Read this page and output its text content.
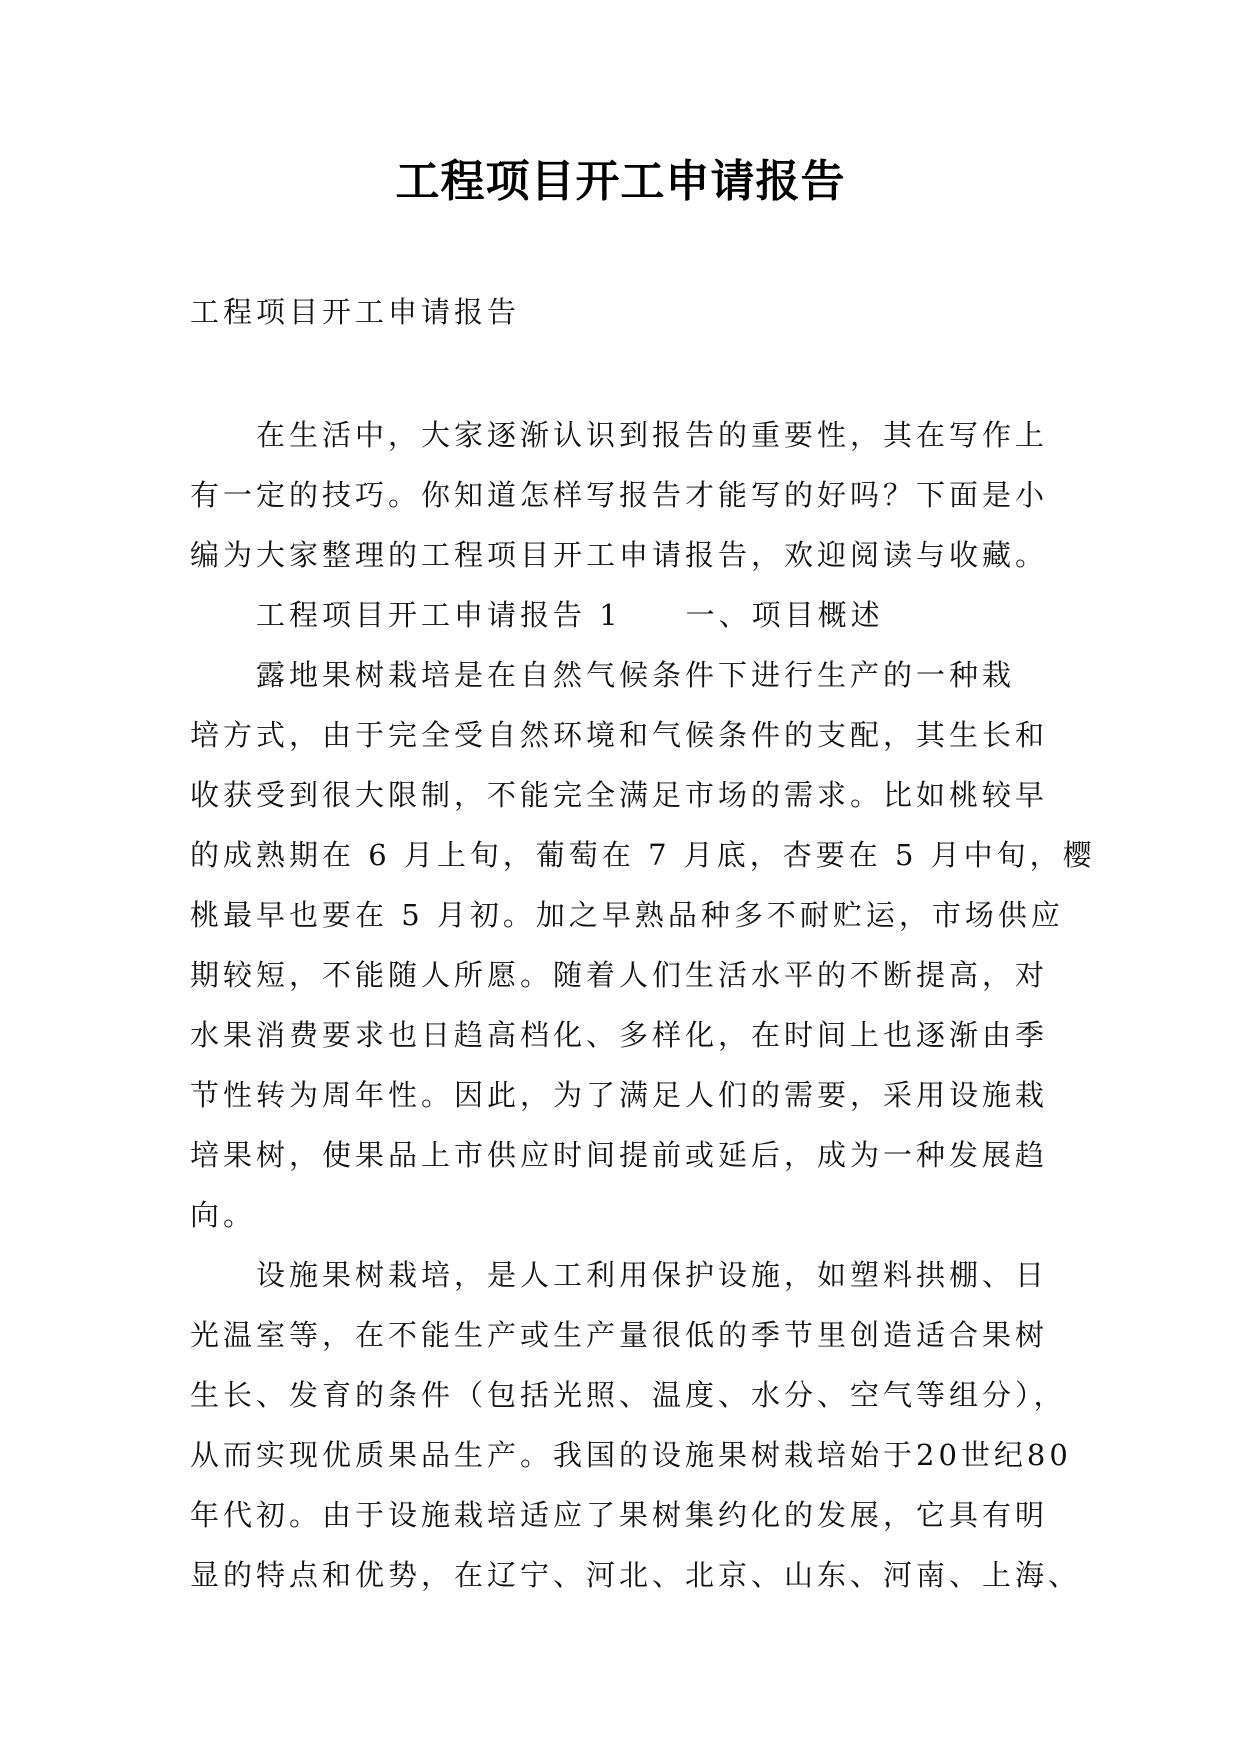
工程项目开工申请报告
工程项目开工申请报告
在生活中，大家逐渐认识到报告的重要性，其在写作上
有一定的技巧。你知道怎样写报告才能写的好吗？下面是小
编为大家整理的工程项目开工申请报告，欢迎阅读与收藏。
工程项目开工申请报告 1 一、项目概述
露地果树栽培是在自然气候条件下进行生产的一种栽
培方式，由于完全受自然环境和气候条件的支配，其生长和
收获受到很大限制，不能完全满足市场的需求。比如桃较早
的成熟期在 6 月上旬，葡萄在 7 月底，杏要在 5 月中旬，樱
桃最早也要在 5 月初。加之早熟品种多不耐贮运，市场供应
期较短，不能随人所愿。随着人们生活水平的不断提高，对
水果消费要求也日趋高档化、多样化，在时间上也逐渐由季
节性转为周年性。因此，为了满足人们的需要，采用设施栽
培果树，使果品上市供应时间提前或延后，成为一种发展趋
向。
设施果树栽培，是人工利用保护设施，如塑料拱棚、日
光温室等，在不能生产或生产量很低的季节里创造适合果树
生长、发育的条件（包括光照、温度、水分、空气等组分），
从而实现优质果品生产。我国的设施果树栽培始于20世纪80
年代初。由于设施栽培适应了果树集约化的发展，它具有明
显的特点和优势，在辽宁、河北、北京、山东、河南、上海、
